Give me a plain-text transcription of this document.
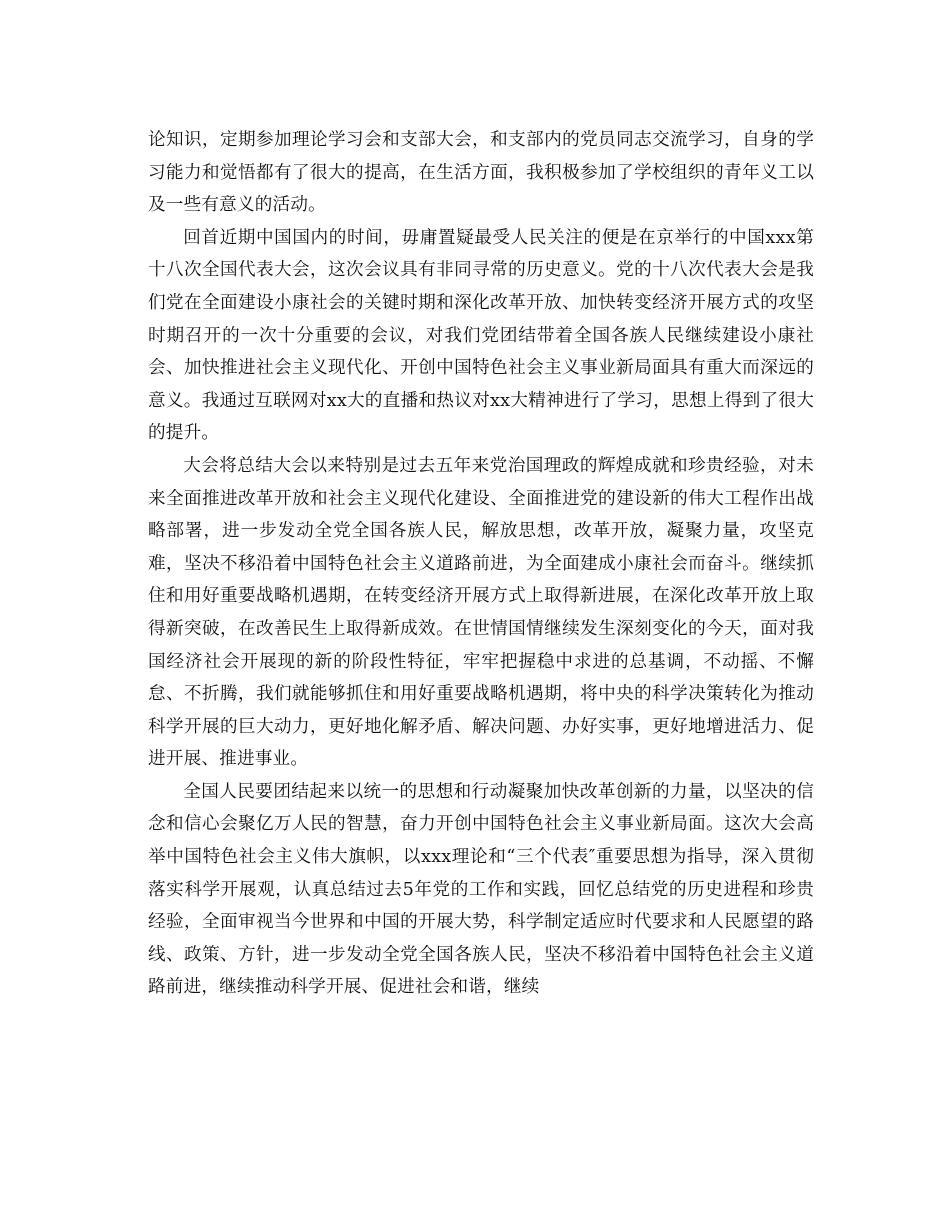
论知识，定期参加理论学习会和支部大会，和支部内的党员同志交流学习，自身的学习能力和觉悟都有了很大的提高，在生活方面，我积极参加了学校组织的青年义工以及一些有意义的活动。

回首近期中国国内的时间，毋庸置疑最受人民关注的便是在京举行的中国xxx第十八次全国代表大会，这次会议具有非同寻常的历史意义。党的十八次代表大会是我们党在全面建设小康社会的关键时期和深化改革开放、加快转变经济开展方式的攻坚时期召开的一次十分重要的会议，对我们党团结带着全国各族人民继续建设小康社会、加快推进社会主义现代化、开创中国特色社会主义事业新局面具有重大而深远的意义。我通过互联网对xx大的直播和热议对xx大精神进行了学习，思想上得到了很大的提升。

大会将总结大会以来特别是过去五年来党治国理政的辉煌成就和珍贵经验，对未来全面推进改革开放和社会主义现代化建设、全面推进党的建设新的伟大工程作出战略部署，进一步发动全党全国各族人民，解放思想，改革开放，凝聚力量，攻坚克难，坚决不移沿着中国特色社会主义道路前进，为全面建成小康社会而奋斗。继续抓住和用好重要战略机遇期，在转变经济开展方式上取得新进展，在深化改革开放上取得新突破，在改善民生上取得新成效。在世情国情继续发生深刻变化的今天，面对我国经济社会开展现的新的阶段性特征，牢牢把握稳中求进的总基调，不动摇、不懈怠、不折腾，我们就能够抓住和用好重要战略机遇期，将中央的科学决策转化为推动科学开展的巨大动力，更好地化解矛盾、解决问题、办好实事，更好地增进活力、促进开展、推进事业。

全国人民要团结起来以统一的思想和行动凝聚加快改革创新的力量，以坚决的信念和信心会聚亿万人民的智慧，奋力开创中国特色社会主义事业新局面。这次大会高举中国特色社会主义伟大旗帜，以xxx理论和“三个代表″重要思想为指导，深入贯彻落实科学开展观，认真总结过去5年党的工作和实践，回忆总结党的历史进程和珍贵经验，全面审视当今世界和中国的开展大势，科学制定适应时代要求和人民愿望的路线、政策、方针，进一步发动全党全国各族人民，坚决不移沿着中国特色社会主义道路前进，继续推动科学开展、促进社会和谐，继续
